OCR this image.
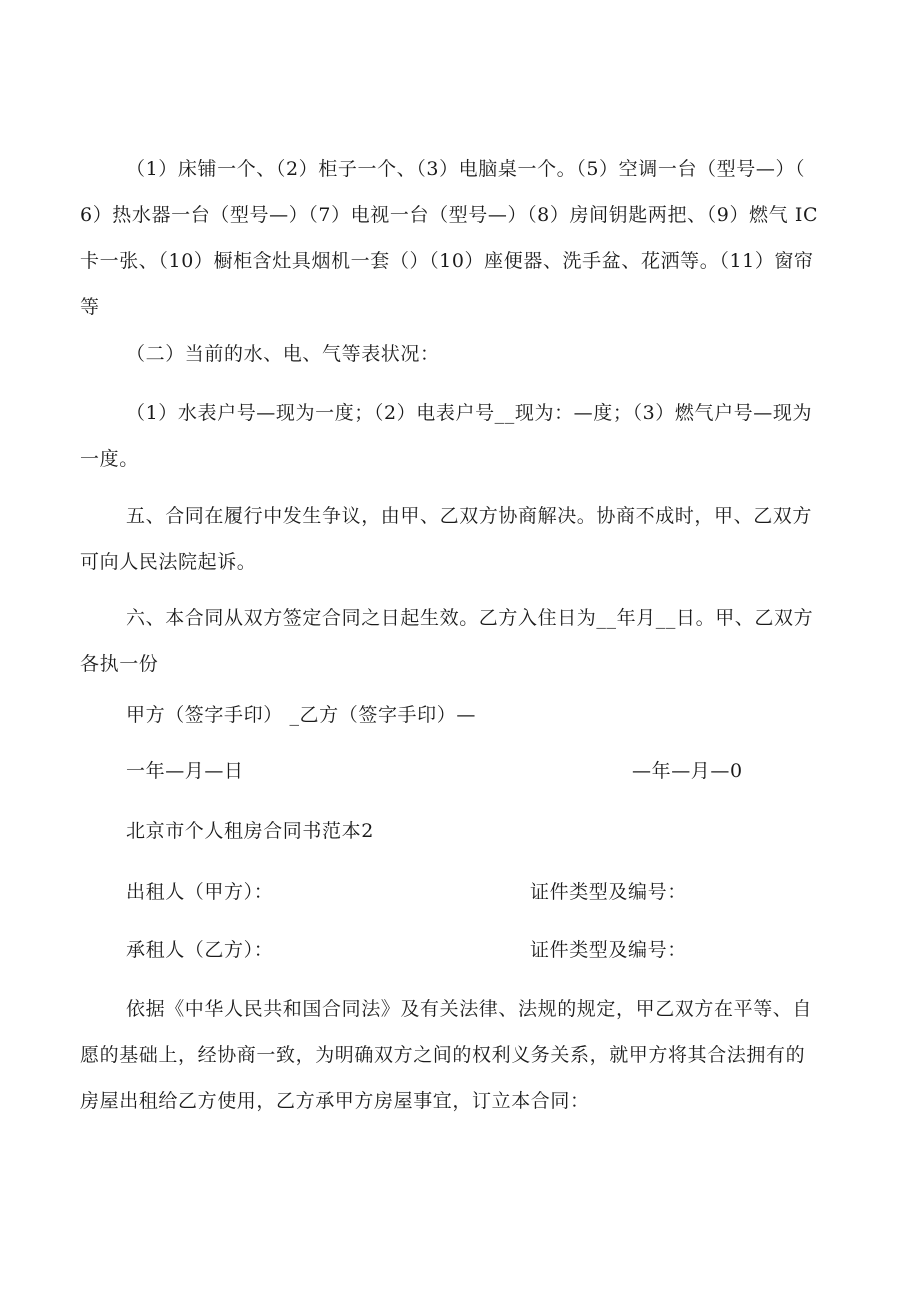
（1）床铺一个、（2）柜子一个、（3）电脑桌一个。（5）空调一台（型号—）（
6）热水器一台（型号—）（7）电视一台（型号—）（8）房间钥匙两把、（9）燃气 IC
卡一张、（10）橱柜含灶具烟机一套（）（10）座便器、洗手盆、花洒等。（11）窗帘
等
（二）当前的水、电、气等表状况：
（1）水表户号—现为一度；（2）电表户号__现为：—度；（3）燃气户号—现为
一度。
五、合同在履行中发生争议，由甲、乙双方协商解决。协商不成时，甲、乙双方
可向人民法院起诉。
六、本合同从双方签定合同之日起生效。乙方入住日为__年月__日。甲、乙双方
各执一份
甲方（签字手印） _乙方（签字手印）—
一年—月—日	—年—月—0
北京市个人租房合同书范本2
出租人（甲方）：	证件类型及编号：
承租人（乙方）：	证件类型及编号：
依据《中华人民共和国合同法》及有关法律、法规的规定，甲乙双方在平等、自
愿的基础上，经协商一致，为明确双方之间的权利义务关系，就甲方将其合法拥有的
房屋出租给乙方使用，乙方承甲方房屋事宜，订立本合同：
